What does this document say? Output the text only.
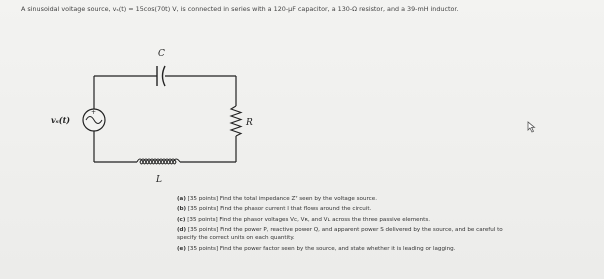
A sinusoidal voltage source, vₛ(t) = 15cos(70t) V, is connected in series with a 120-µF capacitor, a 130-Ω resistor, and a 39-mH inductor.
C
+
vₛ(t)	R
L
(a) [35 points] Find the total impedance Zᵀ seen by the voltage source.
(b) [35 points] Find the phasor current I that flows around the circuit.
(c) [35 points] Find the phasor voltages Vᴄ, Vʀ, and Vʟ across the three passive elements.
(d) [35 points] Find the power P, reactive power Q, and apparent power S delivered by the source, and be careful to specify the correct units on each quantity.
(e) [35 points] Find the power factor seen by the source, and state whether it is leading or lagging.
